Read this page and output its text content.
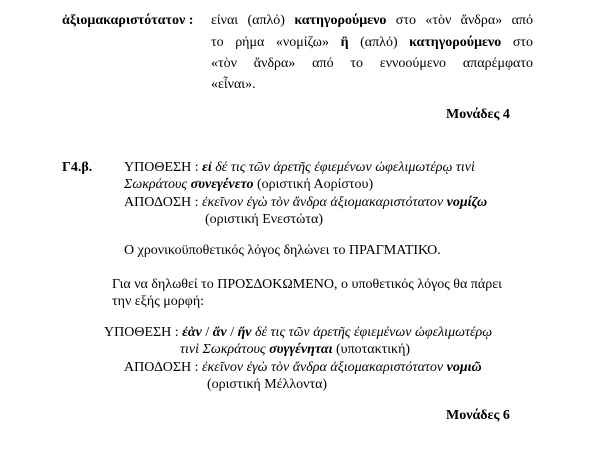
ἀξιομακαριστότατον : είναι (απλό) κατηγορούμενο στο «τὸν ἄνδρα» από
το ρήμα «νομίζω» ἢ (απλό) κατηγορούμενο στο
«τὸν ἄνδρα» από το εννοούμενο απαρέμφατο
«εἶναι».
Μονάδες 4
Γ4.β. ΥΠΟΘΕΣΗ : εἰ δέ τις τῶν ἀρετῆς ἐφιεμένων ὠφελιμωτέρῳ τινὶ
Σωκράτους συνεγένετο (οριστική Αορίστου)
ΑΠΟΔΟΣΗ : ἐκεῖνον ἐγὼ τὸν ἄνδρα ἀξιομακαριστότατον νομίζω
(οριστική Ενεστώτα)
Ο χρονικοϋποθετικός λόγος δηλώνει το ΠΡΑΓΜΑΤΙΚΟ.
Για να δηλωθεί το ΠΡΟΣΔΟΚΩΜΕΝΟ, ο υποθετικός λόγος θα πάρει
την εξής μορφή:
ΥΠΟΘΕΣΗ : ἐὰν / ἄν / ἤν δέ τις τῶν ἀρετῆς ἐφιεμένων ὠφελιμωτέρῳ
τινὶ Σωκράτους συγγένηται (υποτακτική)
ΑΠΟΔΟΣΗ : ἐκεῖνον ἐγὼ τὸν ἄνδρα ἀξιομακαριστότατον νομιῶ
(οριστική Μέλλοντα)
Μονάδες 6
